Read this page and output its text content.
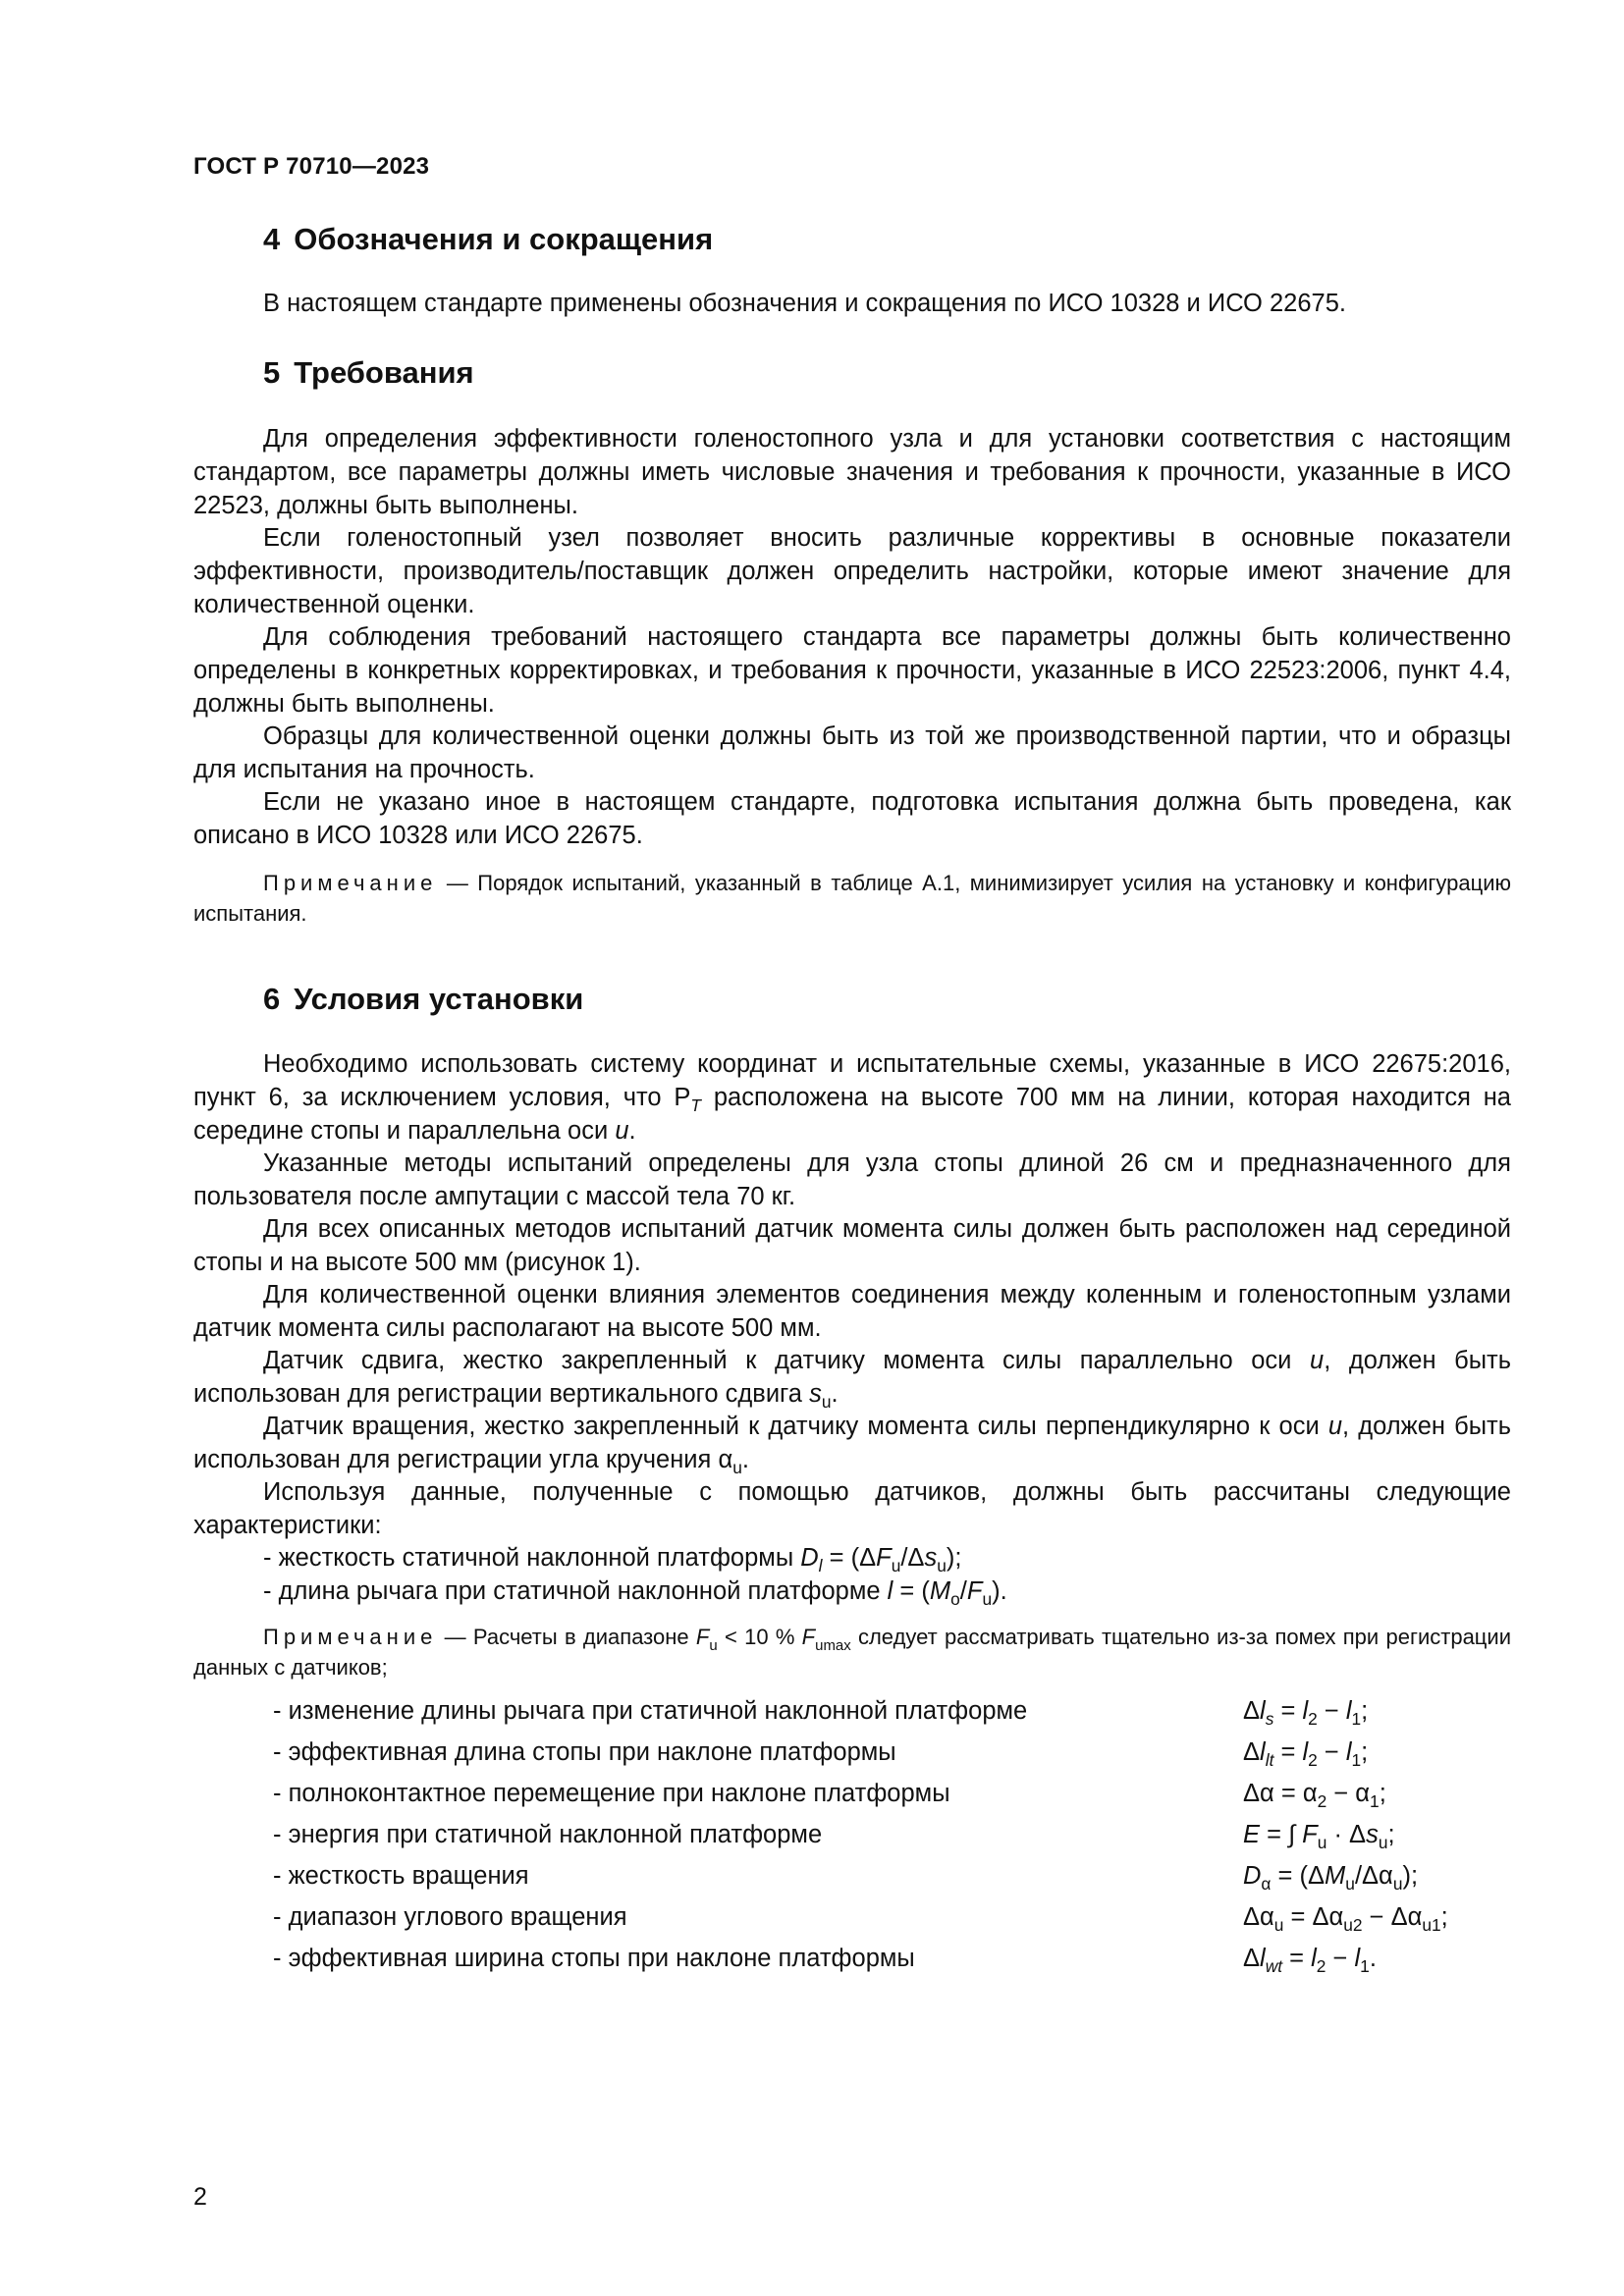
ГОСТ Р 70710—2023
4 Обозначения и сокращения

В настоящем стандарте применены обозначения и сокращения по ИСО 10328 и ИСО 22675.

5 Требования

Для определения эффективности голеностопного узла и для установки соответствия с настоящим стандартом, все параметры должны иметь числовые значения и требования к прочности, указанные в ИСО 22523, должны быть выполнены.

Если голеностопный узел позволяет вносить различные коррективы в основные показатели эффективности, производитель/поставщик должен определить настройки, которые имеют значение для количественной оценки.

Для соблюдения требований настоящего стандарта все параметры должны быть количественно определены в конкретных корректировках, и требования к прочности, указанные в ИСО 22523:2006, пункт 4.4, должны быть выполнены.

Образцы для количественной оценки должны быть из той же производственной партии, что и образцы для испытания на прочность.

Если не указано иное в настоящем стандарте, подготовка испытания должна быть проведена, как описано в ИСО 10328 или ИСО 22675.

Примечание — Порядок испытаний, указанный в таблице А.1, минимизирует усилия на установку и конфигурацию испытания.

6 Условия установки

Необходимо использовать систему координат и испытательные схемы, указанные в ИСО 22675:2016, пункт 6, за исключением условия, что $P_T$ расположена на высоте 700 мм на линии, которая находится на середине стопы и параллельна оси u.

Указанные методы испытаний определены для узла стопы длиной 26 см и предназначенного для пользователя после ампутации с массой тела 70 кг.

Для всех описанных методов испытаний датчик момента силы должен быть расположен над серединой стопы и на высоте 500 мм (рисунок 1).

Для количественной оценки влияния элементов соединения между коленным и голеностопным узлами датчик момента силы располагают на высоте 500 мм.

Датчик сдвига, жестко закрепленный к датчику момента силы параллельно оси u, должен быть использован для регистрации вертикального сдвига $s_u$.

Датчик вращения, жестко закрепленный к датчику момента силы перпендикулярно к оси u, должен быть использован для регистрации угла кручения $\alpha_u$.

Используя данные, полученные с помощью датчиков, должны быть рассчитаны следующие характеристики:

- жесткость статичной наклонной платформы $D_l = (\Delta F_u/\Delta s_u)$;

- длина рычага при статичной наклонной платформе $l = (M_o/F_u)$.

Примечание — Расчеты в диапазоне $F_u < 10$ % $F_{umax}$ следует рассматривать тщательно из-за помех при регистрации данных с датчиков;

- изменение длины рычага при статичной наклонной платформе	$\Delta l_s = l_2 - l_1$;
- эффективная длина стопы при наклоне платформы	$\Delta l_{lt} = l_2 - l_1$;
- полноконтактное перемещение при наклоне платформы	$\Delta\alpha = \alpha_2 - \alpha_1$;
- энергия при статичной наклонной платформе	E = ∫ $F_u \cdot \Delta s_u$;
- жесткость вращения	$D_\alpha = (\Delta M_u/\Delta\alpha_u)$;
- диапазон углового вращения	$\Delta\alpha_u = \Delta\alpha_{u2} - \Delta\alpha_{u1}$;
- эффективная ширина стопы при наклоне платформы	$\Delta l_{wt} = l_2 - l_1$.
2
